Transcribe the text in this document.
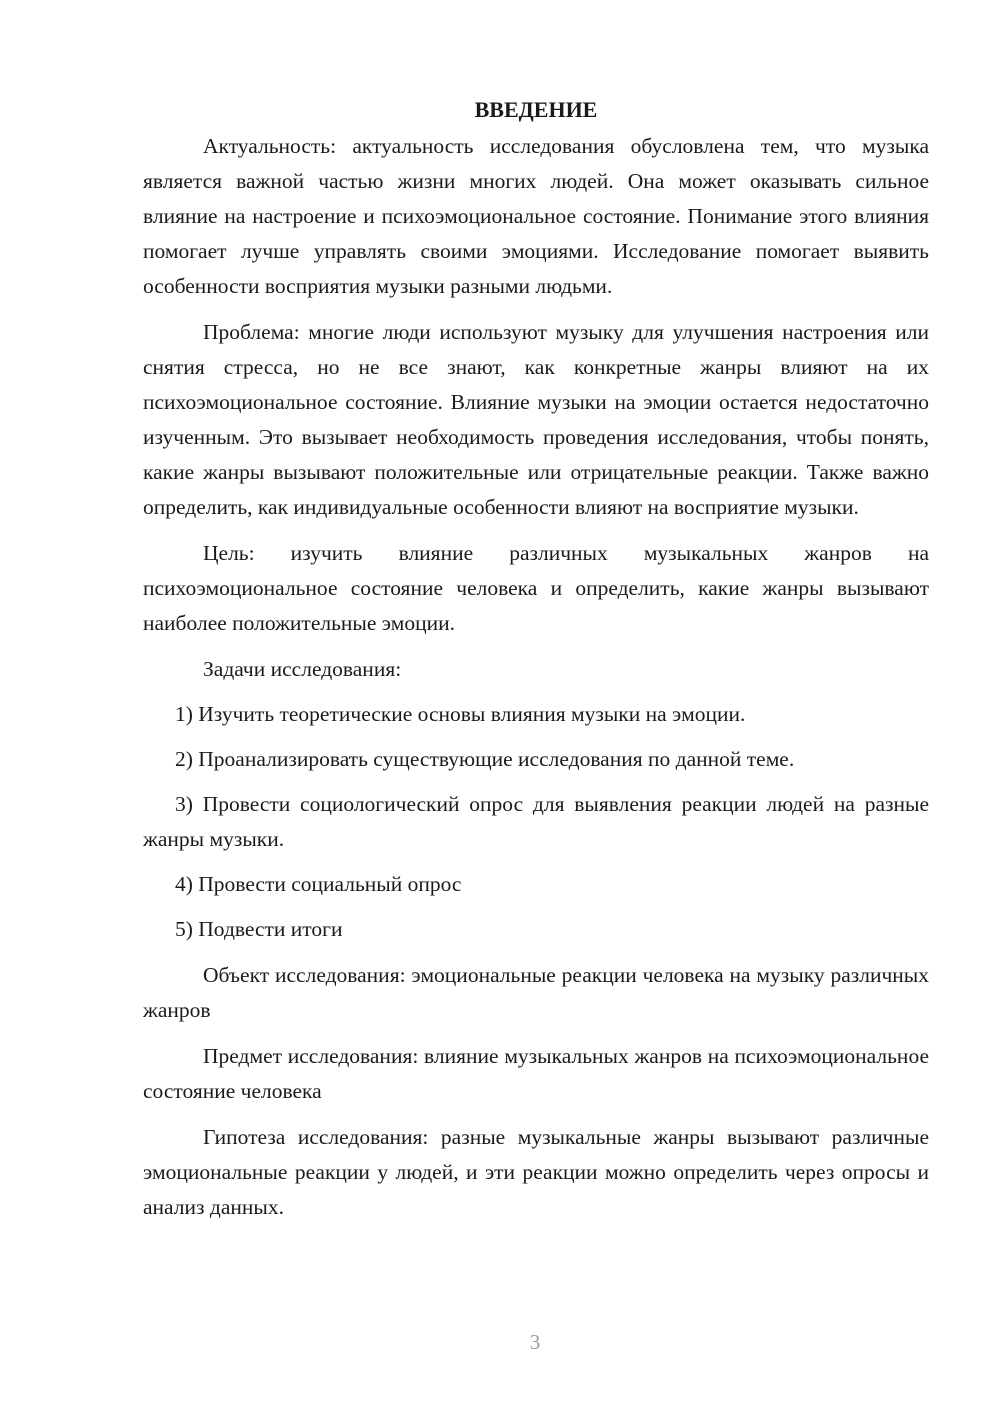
ВВЕДЕНИЕ

Актуальность: актуальность исследования обусловлена тем, что музыка является важной частью жизни многих людей. Она может оказывать сильное влияние на настроение и психоэмоциональное состояние. Понимание этого влияния помогает лучше управлять своими эмоциями. Исследование помогает выявить особенности восприятия музыки разными людьми.

Проблема: многие люди используют музыку для улучшения настроения или снятия стресса, но не все знают, как конкретные жанры влияют на их психоэмоциональное состояние. Влияние музыки на эмоции остается недостаточно изученным. Это вызывает необходимость проведения исследования, чтобы понять, какие жанры вызывают положительные или отрицательные реакции. Также важно определить, как индивидуальные особенности влияют на восприятие музыки.

Цель: изучить влияние различных музыкальных жанров на психоэмоциональное состояние человека и определить, какие жанры вызывают наиболее положительные эмоции.

Задачи исследования:

1) Изучить теоретические основы влияния музыки на эмоции.

2) Проанализировать существующие исследования по данной теме.

3) Провести социологический опрос для выявления реакции людей на разные жанры музыки.

4) Провести социальный опрос

5) Подвести итоги

Объект исследования: эмоциональные реакции человека на музыку различных жанров

Предмет исследования: влияние музыкальных жанров на психоэмоциональное состояние человека

Гипотеза исследования: разные музыкальные жанры вызывают различные эмоциональные реакции у людей, и эти реакции можно определить через опросы и анализ данных.

3
